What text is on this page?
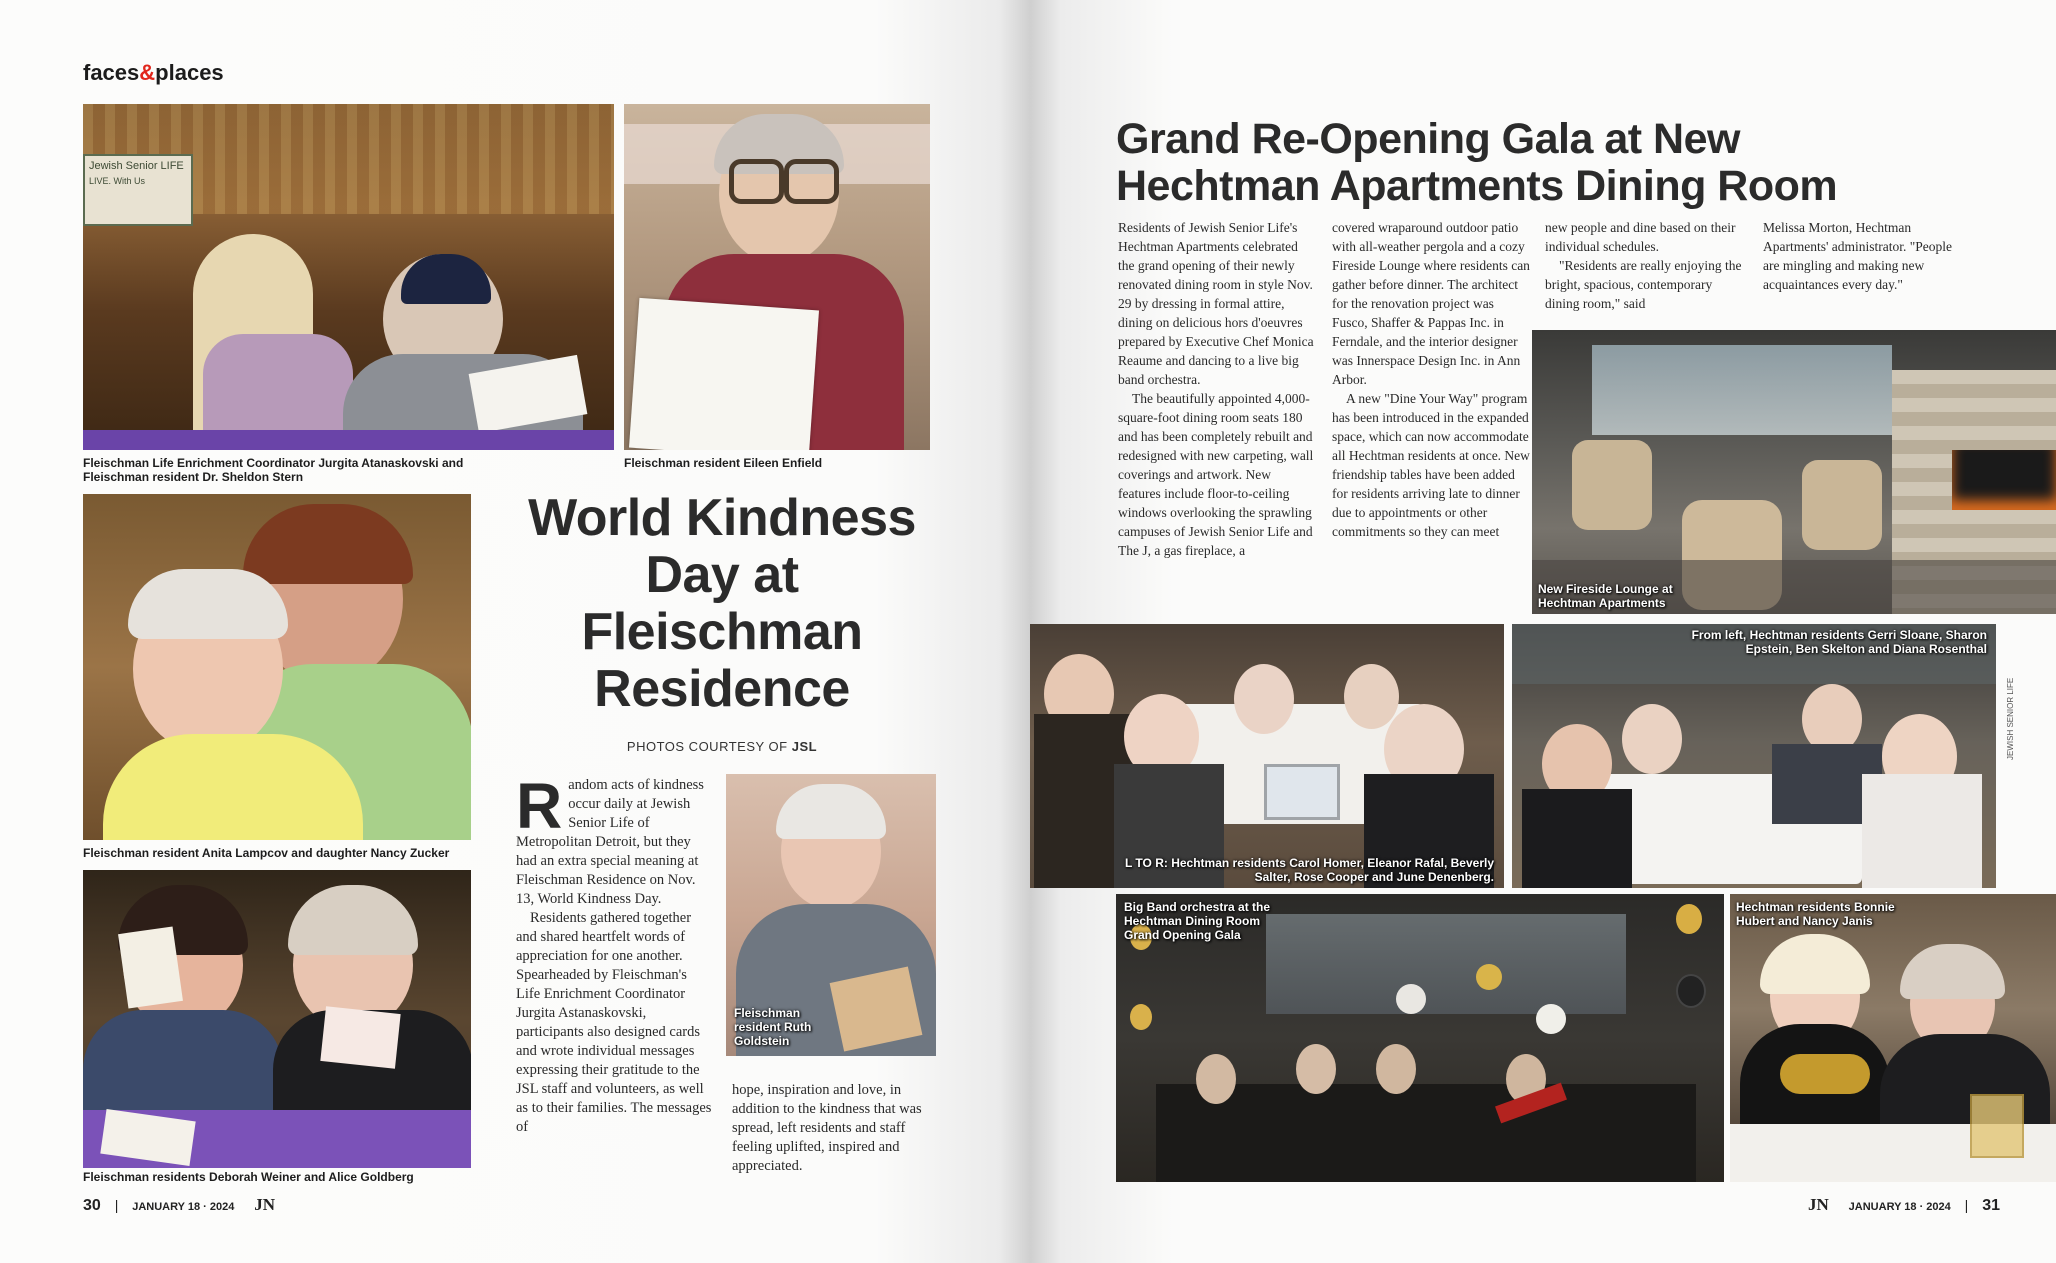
faces&places
Jewish Senior LIFE
LIVE. With Us
Fleischman Life Enrichment Coordinator Jurgita Atanaskovski and Fleischman resident Dr. Sheldon Stern
Fleischman resident Eileen Enfield
Fleischman resident Anita Lampcov and daughter Nancy Zucker
Fleischman residents Deborah Weiner and Alice Goldberg
World Kindness Day at Fleischman Residence
PHOTOS COURTESY OF JSL

Random acts of kindness occur daily at Jewish Senior Life of Metropolitan Detroit, but they had an extra special meaning at Fleischman Residence on Nov. 13, World Kindness Day.

Residents gathered together and shared heartfelt words of appreciation for one another. Spearheaded by Fleischman's Life Enrichment Coordinator Jurgita Astanaskovski, participants also designed cards and wrote individual messages expressing their gratitude to the JSL staff and volunteers, as well as to their families. The messages of

Fleischman resident Ruth Goldstein

hope, inspiration and love, in addition to the kindness that was spread, left residents and staff feeling uplifted, inspired and appreciated.

30 | JANUARY 18 · 2024 JN
Grand Re-Opening Gala at New Hechtman Apartments Dining Room

Residents of Jewish Senior Life's Hechtman Apartments celebrated the grand opening of their newly renovated dining room in style Nov. 29 by dressing in formal attire, dining on delicious hors d'oeuvres prepared by Executive Chef Monica Reaume and dancing to a live big band orchestra.

The beautifully appointed 4,000-square-foot dining room seats 180 and has been completely rebuilt and redesigned with new carpeting, wall coverings and artwork. New features include floor-to-ceiling windows overlooking the sprawling campuses of Jewish Senior Life and The J, a gas fireplace, a

covered wraparound outdoor patio with all-weather pergola and a cozy Fireside Lounge where residents can gather before dinner. The architect for the renovation project was Fusco, Shaffer & Pappas Inc. in Ferndale, and the interior designer was Innerspace Design Inc. in Ann Arbor.

A new "Dine Your Way" program has been introduced in the expanded space, which can now accommodate all Hechtman residents at once. New friendship tables have been added for residents arriving late to dinner due to appointments or other commitments so they can meet

new people and dine based on their individual schedules.

"Residents are really enjoying the bright, spacious, contemporary dining room," said

Melissa Morton, Hechtman Apartments' administrator. "People are mingling and making new acquaintances every day."

New Fireside Lounge at Hechtman Apartments
L TO R: Hechtman residents Carol Homer, Eleanor Rafal, Beverly Salter, Rose Cooper and June Denenberg.
From left, Hechtman residents Gerri Sloane, Sharon Epstein, Ben Skelton and Diana Rosenthal
JEWISH SENIOR LIFE
Big Band orchestra at the Hechtman Dining Room Grand Opening Gala
Hechtman residents Bonnie Hubert and Nancy Janis
JN JANUARY 18 · 2024 | 31
